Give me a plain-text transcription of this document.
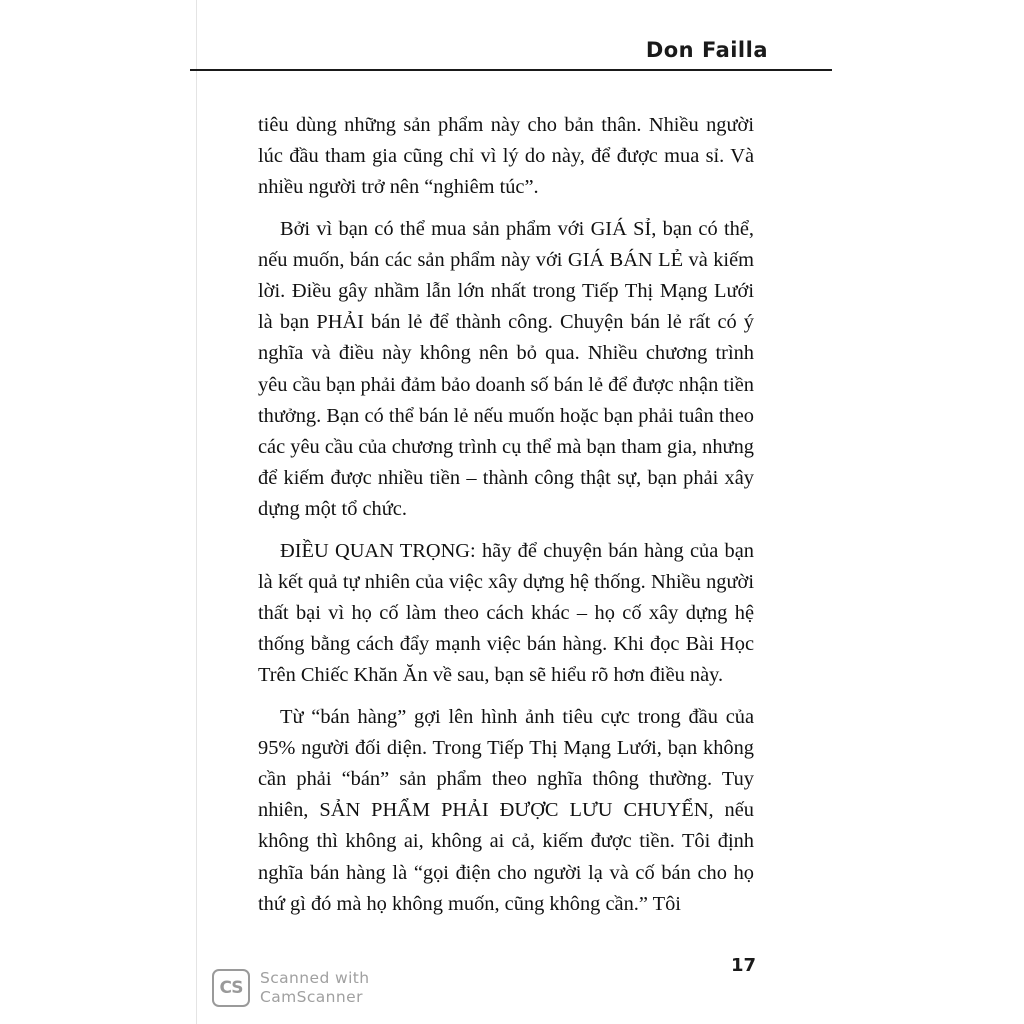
Don Failla

tiêu dùng những sản phẩm này cho bản thân. Nhiều người lúc đầu tham gia cũng chỉ vì lý do này, để được mua sỉ. Và nhiều người trở nên “nghiêm túc”.

Bởi vì bạn có thể mua sản phẩm với GIÁ SỈ, bạn có thể, nếu muốn, bán các sản phẩm này với GIÁ BÁN LẺ và kiếm lời. Điều gây nhầm lẫn lớn nhất trong Tiếp Thị Mạng Lưới là bạn PHẢI bán lẻ để thành công. Chuyện bán lẻ rất có ý nghĩa và điều này không nên bỏ qua. Nhiều chương trình yêu cầu bạn phải đảm bảo doanh số bán lẻ để được nhận tiền thưởng. Bạn có thể bán lẻ nếu muốn hoặc bạn phải tuân theo các yêu cầu của chương trình cụ thể mà bạn tham gia, nhưng để kiếm được nhiều tiền – thành công thật sự, bạn phải xây dựng một tổ chức.

ĐIỀU QUAN TRỌNG: hãy để chuyện bán hàng của bạn là kết quả tự nhiên của việc xây dựng hệ thống. Nhiều người thất bại vì họ cố làm theo cách khác – họ cố xây dựng hệ thống bằng cách đẩy mạnh việc bán hàng. Khi đọc Bài Học Trên Chiếc Khăn Ăn về sau, bạn sẽ hiểu rõ hơn điều này.

Từ “bán hàng” gợi lên hình ảnh tiêu cực trong đầu của 95% người đối diện. Trong Tiếp Thị Mạng Lưới, bạn không cần phải “bán” sản phẩm theo nghĩa thông thường. Tuy nhiên, SẢN PHẨM PHẢI ĐƯỢC LƯU CHUYỂN, nếu không thì không ai, không ai cả, kiếm được tiền. Tôi định nghĩa bán hàng là “gọi điện cho người lạ và cố bán cho họ thứ gì đó mà họ không muốn, cũng không cần.” Tôi

17
CS	Scanned with
CamScanner
